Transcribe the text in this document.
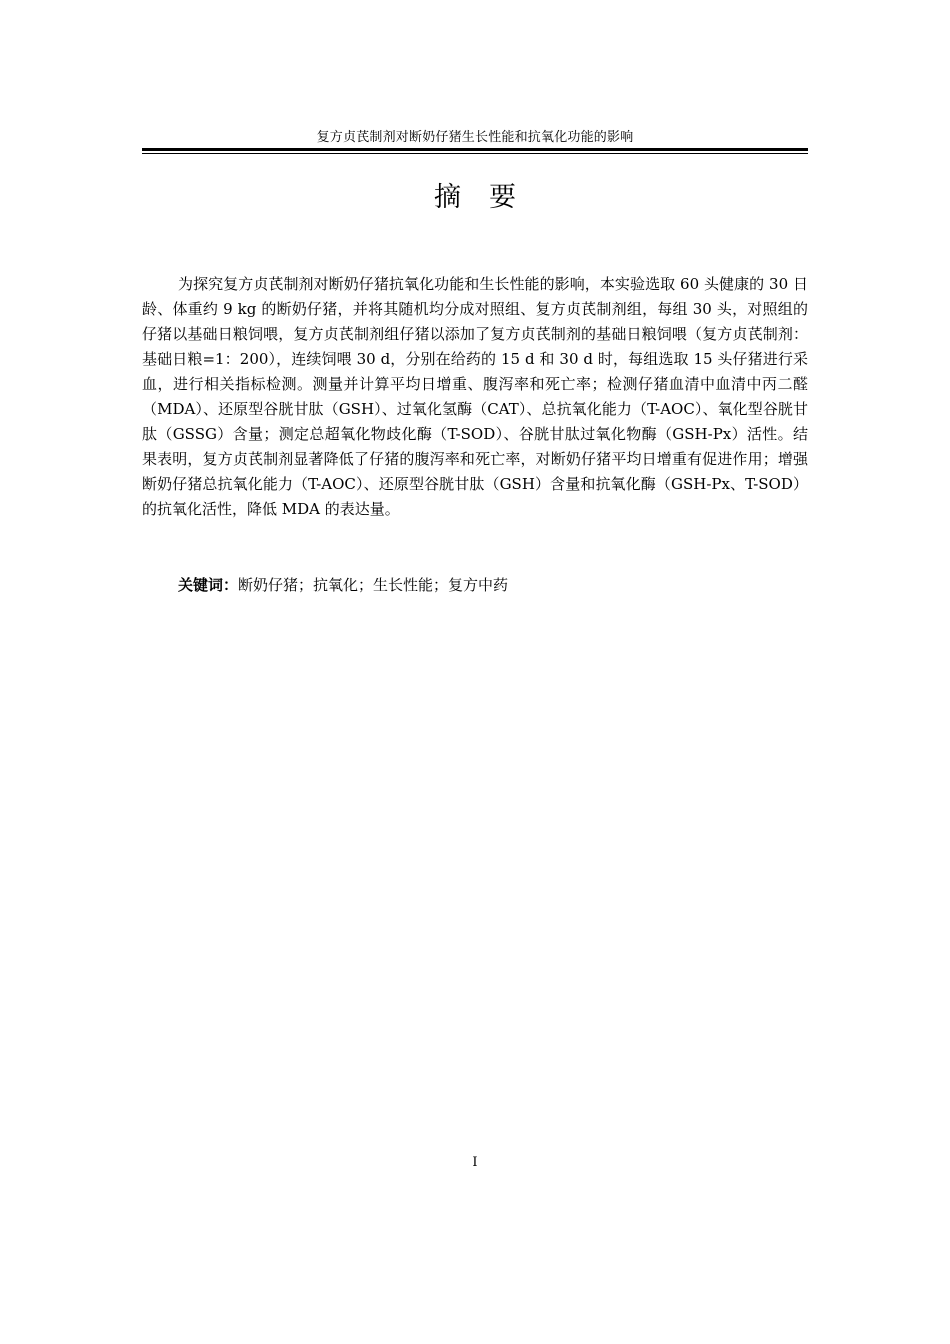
复方贞芪制剂对断奶仔猪生长性能和抗氧化功能的影响
摘要

为探究复方贞芪制剂对断奶仔猪抗氧化功能和生长性能的影响，本实验选取 60 头健康的 30 日龄、体重约 9 kg 的断奶仔猪，并将其随机均分成对照组、复方贞芪制剂组，每组 30 头，对照组的仔猪以基础日粮饲喂，复方贞芪制剂组仔猪以添加了复方贞芪制剂的基础日粮饲喂（复方贞芪制剂：基础日粮=1：200），连续饲喂 30 d，分别在给药的 15 d 和 30 d 时，每组选取 15 头仔猪进行采血，进行相关指标检测。测量并计算平均日增重、腹泻率和死亡率；检测仔猪血清中血清中丙二醛（MDA）、还原型谷胱甘肽（GSH）、过氧化氢酶（CAT）、总抗氧化能力（T-AOC）、氧化型谷胱甘肽（GSSG）含量；测定总超氧化物歧化酶（T-SOD）、谷胱甘肽过氧化物酶（GSH-Px）活性。结果表明，复方贞芪制剂显著降低了仔猪的腹泻率和死亡率，对断奶仔猪平均日增重有促进作用；增强断奶仔猪总抗氧化能力（T-AOC）、还原型谷胱甘肽（GSH）含量和抗氧化酶（GSH-Px、T-SOD）的抗氧化活性，降低 MDA 的表达量。

关键词：断奶仔猪；抗氧化；生长性能；复方中药

I
